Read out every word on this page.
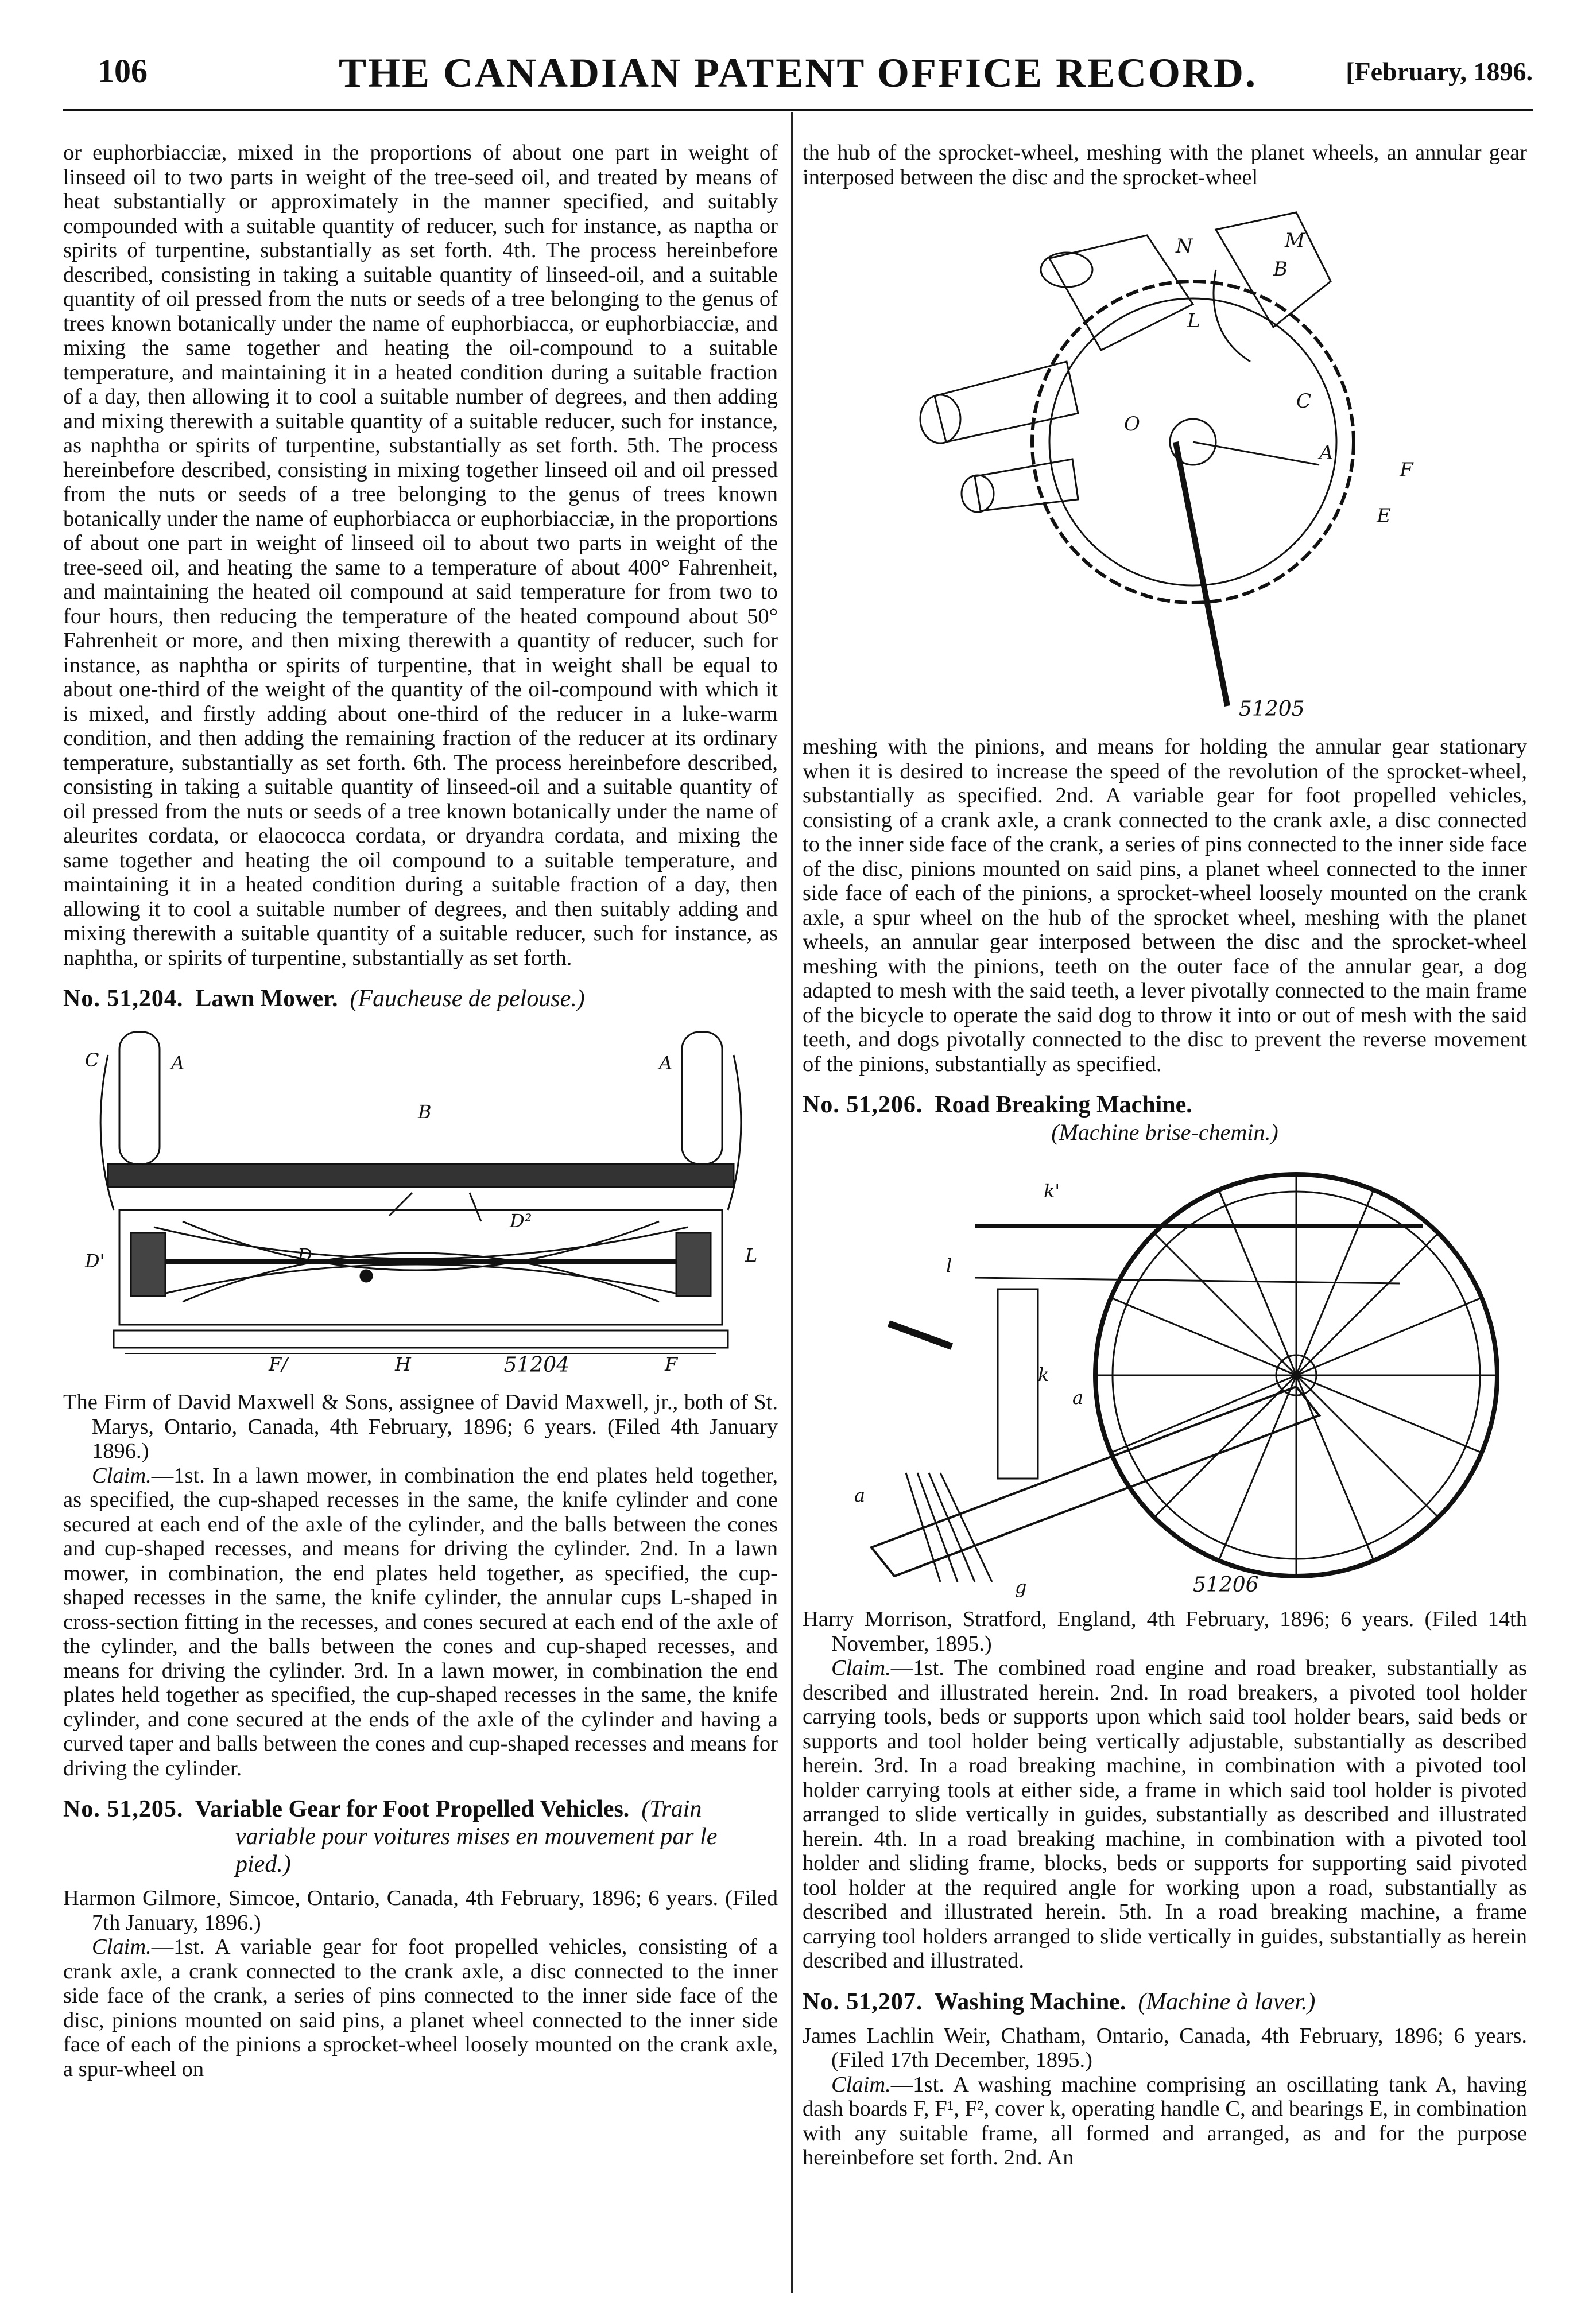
106	THE CANADIAN PATENT OFFICE RECORD.	[February, 1896.

or euphorbiacciæ, mixed in the proportions of about one part in weight of linseed oil to two parts in weight of the tree-seed oil, and treated by means of heat substantially or approximately in the manner specified, and suitably compounded with a suitable quantity of reducer, such for instance, as naptha or spirits of turpentine, substantially as set forth. 4th. The process hereinbefore described, consisting in taking a suitable quantity of linseed-oil, and a suitable quantity of oil pressed from the nuts or seeds of a tree belonging to the genus of trees known botanically under the name of euphorbiacca, or euphorbiacciæ, and mixing the same together and heating the oil-compound to a suitable temperature, and maintaining it in a heated condition during a suitable fraction of a day, then allowing it to cool a suitable number of degrees, and then adding and mixing therewith a suitable quantity of a suitable reducer, such for instance, as naphtha or spirits of turpentine, substantially as set forth. 5th. The process hereinbefore described, consisting in mixing together linseed oil and oil pressed from the nuts or seeds of a tree belonging to the genus of trees known botanically under the name of euphorbiacca or euphorbiacciæ, in the proportions of about one part in weight of linseed oil to about two parts in weight of the tree-seed oil, and heating the same to a temperature of about 400° Fahrenheit, and maintaining the heated oil compound at said temperature for from two to four hours, then reducing the temperature of the heated compound about 50° Fahrenheit or more, and then mixing therewith a quantity of reducer, such for instance, as naphtha or spirits of turpentine, that in weight shall be equal to about one-third of the weight of the quantity of the oil-compound with which it is mixed, and firstly adding about one-third of the reducer in a luke-warm condition, and then adding the remaining fraction of the reducer at its ordinary temperature, substantially as set forth. 6th. The process hereinbefore described, consisting in taking a suitable quantity of linseed-oil and a suitable quantity of oil pressed from the nuts or seeds of a tree known botanically under the name of aleurites cordata, or elaococca cordata, or dryandra cordata, and mixing the same together and heating the oil compound to a suitable temperature, and maintaining it in a heated condition during a suitable fraction of a day, then allowing it to cool a suitable number of degrees, and then suitably adding and mixing therewith a suitable quantity of a suitable reducer, such for instance, as naphtha, or spirits of turpentine, substantially as set forth.

No. 51,204. Lawn Mower. (Faucheuse de pelouse.)

C	A	A
B
D'	D
D²
L
F/	H	F
51204

The Firm of David Maxwell & Sons, assignee of David Maxwell, jr., both of St. Marys, Ontario, Canada, 4th February, 1896; 6 years. (Filed 4th January 1896.)

Claim.—1st. In a lawn mower, in combination the end plates held together, as specified, the cup-shaped recesses in the same, the knife cylinder and cone secured at each end of the axle of the cylinder, and the balls between the cones and cup-shaped recesses, and means for driving the cylinder. 2nd. In a lawn mower, in combination, the end plates held together, as specified, the cup-shaped recesses in the same, the knife cylinder, the annular cups L-shaped in cross-section fitting in the recesses, and cones secured at each end of the axle of the cylinder, and the balls between the cones and cup-shaped recesses, and means for driving the cylinder. 3rd. In a lawn mower, in combination the end plates held together as specified, the cup-shaped recesses in the same, the knife cylinder, and cone secured at the ends of the axle of the cylinder and having a curved taper and balls between the cones and cup-shaped recesses and means for driving the cylinder.

No. 51,205. Variable Gear for Foot Propelled Vehicles. (Train variable pour voitures mises en mouvement par le pied.)

Harmon Gilmore, Simcoe, Ontario, Canada, 4th February, 1896; 6 years. (Filed 7th January, 1896.)

Claim.—1st. A variable gear for foot propelled vehicles, consisting of a crank axle, a crank connected to the crank axle, a disc connected to the inner side face of the crank, a series of pins connected to the inner side face of the disc, pinions mounted on said pins, a planet wheel connected to the inner side face of each of the pinions a sprocket-wheel loosely mounted on the crank axle, a spur-wheel on

the hub of the sprocket-wheel, meshing with the planet wheels, an annular gear interposed between the disc and the sprocket-wheel

N	M
B
L
O
C
A
F
E
51205

meshing with the pinions, and means for holding the annular gear stationary when it is desired to increase the speed of the revolution of the sprocket-wheel, substantially as specified. 2nd. A variable gear for foot propelled vehicles, consisting of a crank axle, a crank connected to the crank axle, a disc connected to the inner side face of the crank, a series of pins connected to the inner side face of the disc, pinions mounted on said pins, a planet wheel connected to the inner side face of each of the pinions, a sprocket-wheel loosely mounted on the crank axle, a spur wheel on the hub of the sprocket wheel, meshing with the planet wheels, an annular gear interposed between the disc and the sprocket-wheel meshing with the pinions, teeth on the outer face of the annular gear, a dog adapted to mesh with the said teeth, a lever pivotally connected to the main frame of the bicycle to operate the said dog to throw it into or out of mesh with the said teeth, and dogs pivotally connected to the disc to prevent the reverse movement of the pinions, substantially as specified.

No. 51,206. Road Breaking Machine.

(Machine brise-chemin.)

k'
l
k
a
a
g	51206

Harry Morrison, Stratford, England, 4th February, 1896; 6 years. (Filed 14th November, 1895.)

Claim.—1st. The combined road engine and road breaker, substantially as described and illustrated herein. 2nd. In road breakers, a pivoted tool holder carrying tools, beds or supports upon which said tool holder bears, said beds or supports and tool holder being vertically adjustable, substantially as described herein. 3rd. In a road breaking machine, in combination with a pivoted tool holder carrying tools at either side, a frame in which said tool holder is pivoted arranged to slide vertically in guides, substantially as described and illustrated herein. 4th. In a road breaking machine, in combination with a pivoted tool holder and sliding frame, blocks, beds or supports for supporting said pivoted tool holder at the required angle for working upon a road, substantially as described and illustrated herein. 5th. In a road breaking machine, a frame carrying tool holders arranged to slide vertically in guides, substantially as herein described and illustrated.

No. 51,207. Washing Machine. (Machine à laver.)

James Lachlin Weir, Chatham, Ontario, Canada, 4th February, 1896; 6 years. (Filed 17th December, 1895.)

Claim.—1st. A washing machine comprising an oscillating tank A, having dash boards F, F¹, F², cover k, operating handle C, and bearings E, in combination with any suitable frame, all formed and arranged, as and for the purpose hereinbefore set forth. 2nd. An
